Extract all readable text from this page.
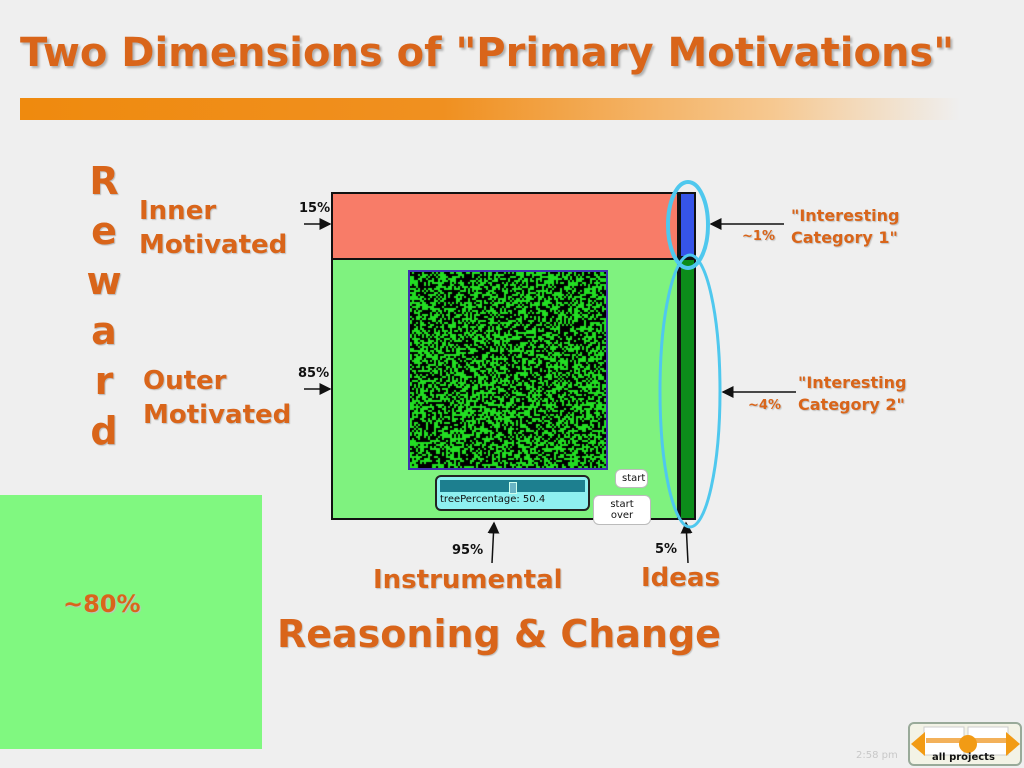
Two Dimensions of "Primary Motivations"
R
e
w
a
r
d
Inner
Motivated
Outer
Motivated
15%
85%
treePercentage: 50.4
start
start over
~1%
"Interesting
Category 1"
~4%
"Interesting
Category 2"
95%	5%
Instrumental	Ideas
Reasoning & Change
~80%
2:58 pm	all projects
